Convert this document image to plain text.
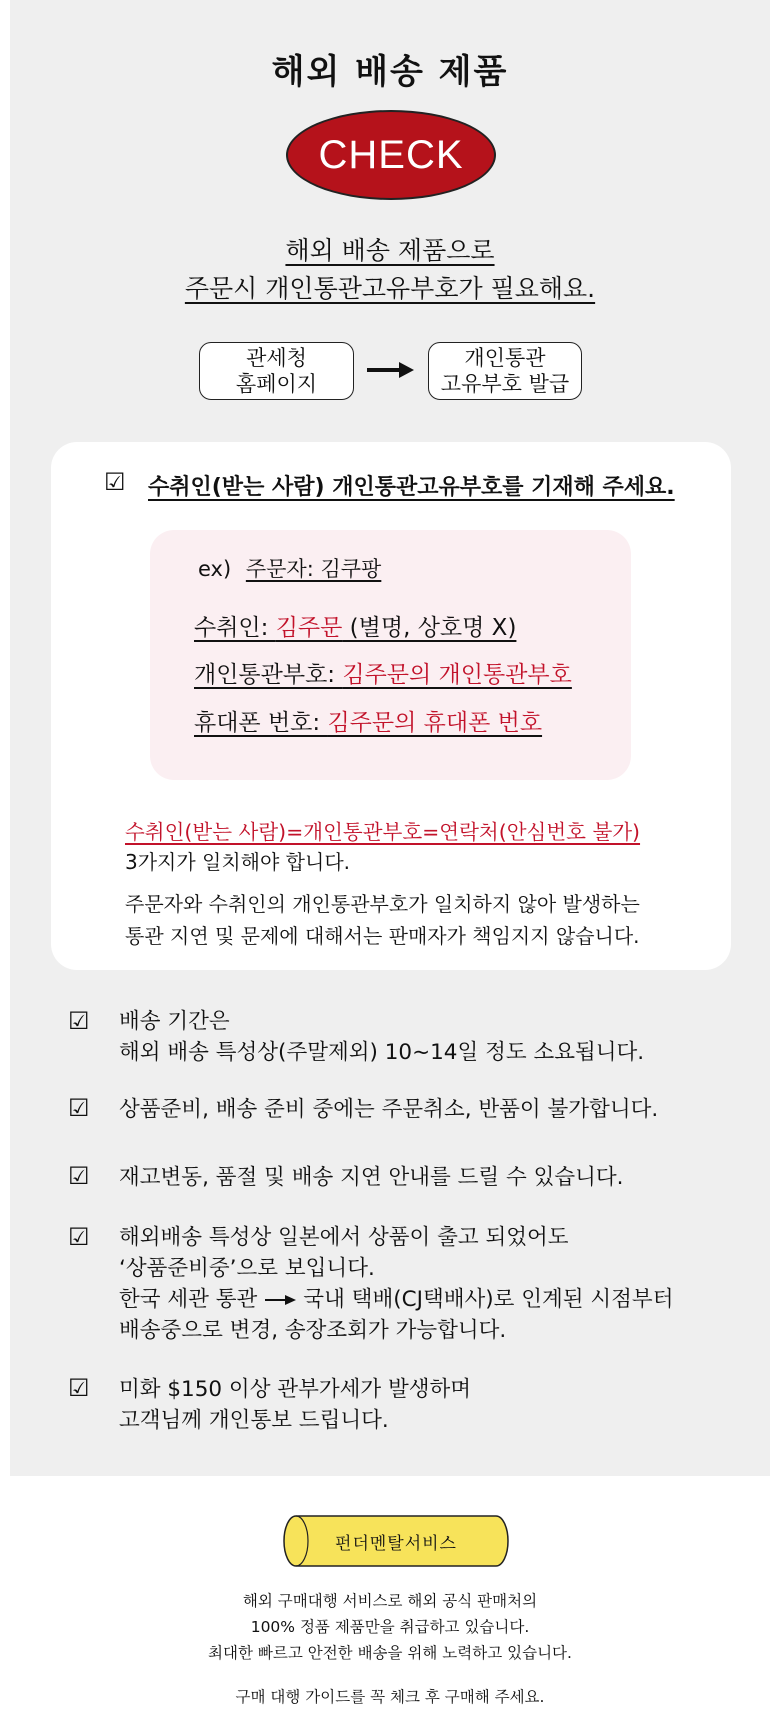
해외 배송 제품
CHECK
해외 배송 제품으로
주문시 개인통관고유부호가 필요해요.
관세청
홈페이지
개인통관
고유부호 발급
☑ 수취인(받는 사람) 개인통관고유부호를 기재해 주세요.
ex) 주문자: 김쿠팡
수취인: 김주문 (별명, 상호명 X)
개인통관부호: 김주문의 개인통관부호
휴대폰 번호: 김주문의 휴대폰 번호
수취인(받는 사람)=개인통관부호=연락처(안심번호 불가)
3가지가 일치해야 합니다.
주문자와 수취인의 개인통관부호가 일치하지 않아 발생하는
통관 지연 및 문제에 대해서는 판매자가 책임지지 않습니다.
☑ 배송 기간은
해외 배송 특성상(주말제외) 10~14일 정도 소요됩니다.
☑ 상품준비, 배송 준비 중에는 주문취소, 반품이 불가합니다.
☑ 재고변동, 품절 및 배송 지연 안내를 드릴 수 있습니다.
☑ 해외배송 특성상 일본에서 상품이 출고 되었어도
‘상품준비중’으로 보입니다.
한국 세관 통관 국내 택배(CJ택배사)로 인계된 시점부터
배송중으로 변경, 송장조회가 가능합니다.
☑ 미화 $150 이상 관부가세가 발생하며
고객님께 개인통보 드립니다.
펀더멘탈서비스
해외 구매대행 서비스로 해외 공식 판매처의
100% 정품 제품만을 취급하고 있습니다.
최대한 빠르고 안전한 배송을 위해 노력하고 있습니다.
구매 대행 가이드를 꼭 체크 후 구매해 주세요.
